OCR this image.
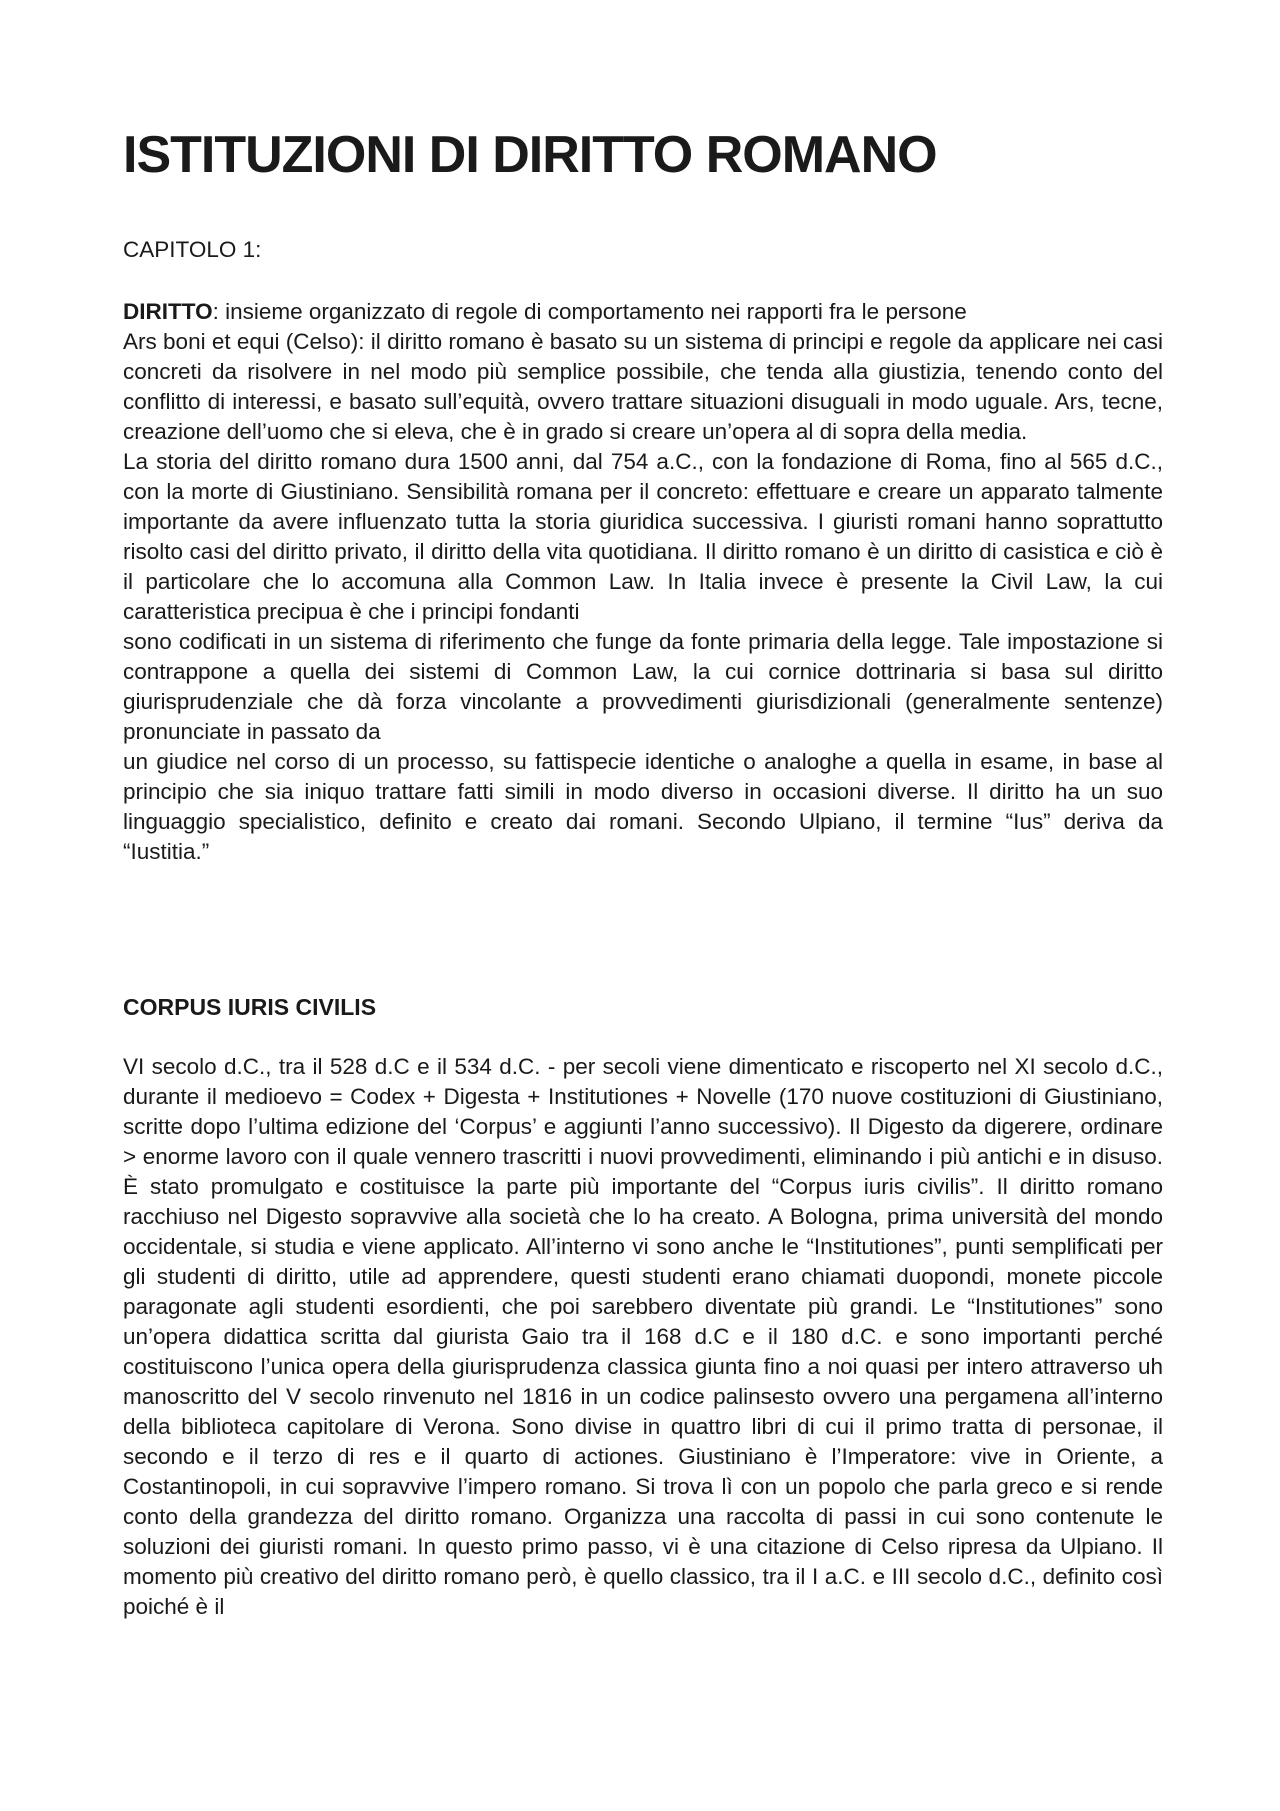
ISTITUZIONI DI DIRITTO ROMANO

CAPITOLO 1:

DIRITTO: insieme organizzato di regole di comportamento nei rapporti fra le persone

Ars boni et equi (Celso): il diritto romano è basato su un sistema di principi e regole da applicare nei casi concreti da risolvere in nel modo più semplice possibile, che tenda alla giustizia, tenendo conto del conflitto di interessi, e basato sull’equità, ovvero trattare situazioni disuguali in modo uguale. Ars, tecne, creazione dell’uomo che si eleva, che è in grado si creare un’opera al di sopra della media.

La storia del diritto romano dura 1500 anni, dal 754 a.C., con la fondazione di Roma, fino al 565 d.C., con la morte di Giustiniano. Sensibilità romana per il concreto: effettuare e creare un apparato talmente importante da avere influenzato tutta la storia giuridica successiva. I giuristi romani hanno soprattutto risolto casi del diritto privato, il diritto della vita quotidiana. Il diritto romano è un diritto di casistica e ciò è il particolare che lo accomuna alla Common Law. In Italia invece è presente la Civil Law, la cui caratteristica precipua è che i principi fondanti

sono codificati in un sistema di riferimento che funge da fonte primaria della legge. Tale impostazione si contrappone a quella dei sistemi di Common Law, la cui cornice dottrinaria si basa sul diritto giurisprudenziale che dà forza vincolante a provvedimenti giurisdizionali (generalmente sentenze) pronunciate in passato da

un giudice nel corso di un processo, su fattispecie identiche o analoghe a quella in esame, in base al principio che sia iniquo trattare fatti simili in modo diverso in occasioni diverse. Il diritto ha un suo linguaggio specialistico, definito e creato dai romani. Secondo Ulpiano, il termine “Ius” deriva da “Iustitia.”

CORPUS IURIS CIVILIS

VI secolo d.C., tra il 528 d.C e il 534 d.C. - per secoli viene dimenticato e riscoperto nel XI secolo d.C., durante il medioevo = Codex + Digesta + Institutiones + Novelle (170 nuove costituzioni di Giustiniano, scritte dopo l’ultima edizione del ‘Corpus’ e aggiunti l’anno successivo). Il Digesto da digerere, ordinare > enorme lavoro con il quale vennero trascritti i nuovi provvedimenti, eliminando i più antichi e in disuso. È stato promulgato e costituisce la parte più importante del “Corpus iuris civilis”. Il diritto romano racchiuso nel Digesto sopravvive alla società che lo ha creato. A Bologna, prima università del mondo occidentale, si studia e viene applicato. All’interno vi sono anche le “Institutiones”, punti semplificati per gli studenti di diritto, utile ad apprendere, questi studenti erano chiamati duopondi, monete piccole paragonate agli studenti esordienti, che poi sarebbero diventate più grandi. Le “Institutiones” sono un’opera didattica scritta dal giurista Gaio tra il 168 d.C e il 180 d.C. e sono importanti perché costituiscono l’unica opera della giurisprudenza classica giunta fino a noi quasi per intero attraverso uh manoscritto del V secolo rinvenuto nel 1816 in un codice palinsesto ovvero una pergamena all’interno della biblioteca capitolare di Verona. Sono divise in quattro libri di cui il primo tratta di personae, il secondo e il terzo di res e il quarto di actiones. Giustiniano è l’Imperatore: vive in Oriente, a Costantinopoli, in cui sopravvive l’impero romano. Si trova lì con un popolo che parla greco e si rende conto della grandezza del diritto romano. Organizza una raccolta di passi in cui sono contenute le soluzioni dei giuristi romani. In questo primo passo, vi è una citazione di Celso ripresa da Ulpiano. Il momento più creativo del diritto romano però, è quello classico, tra il I a.C. e III secolo d.C., definito così poiché è il
